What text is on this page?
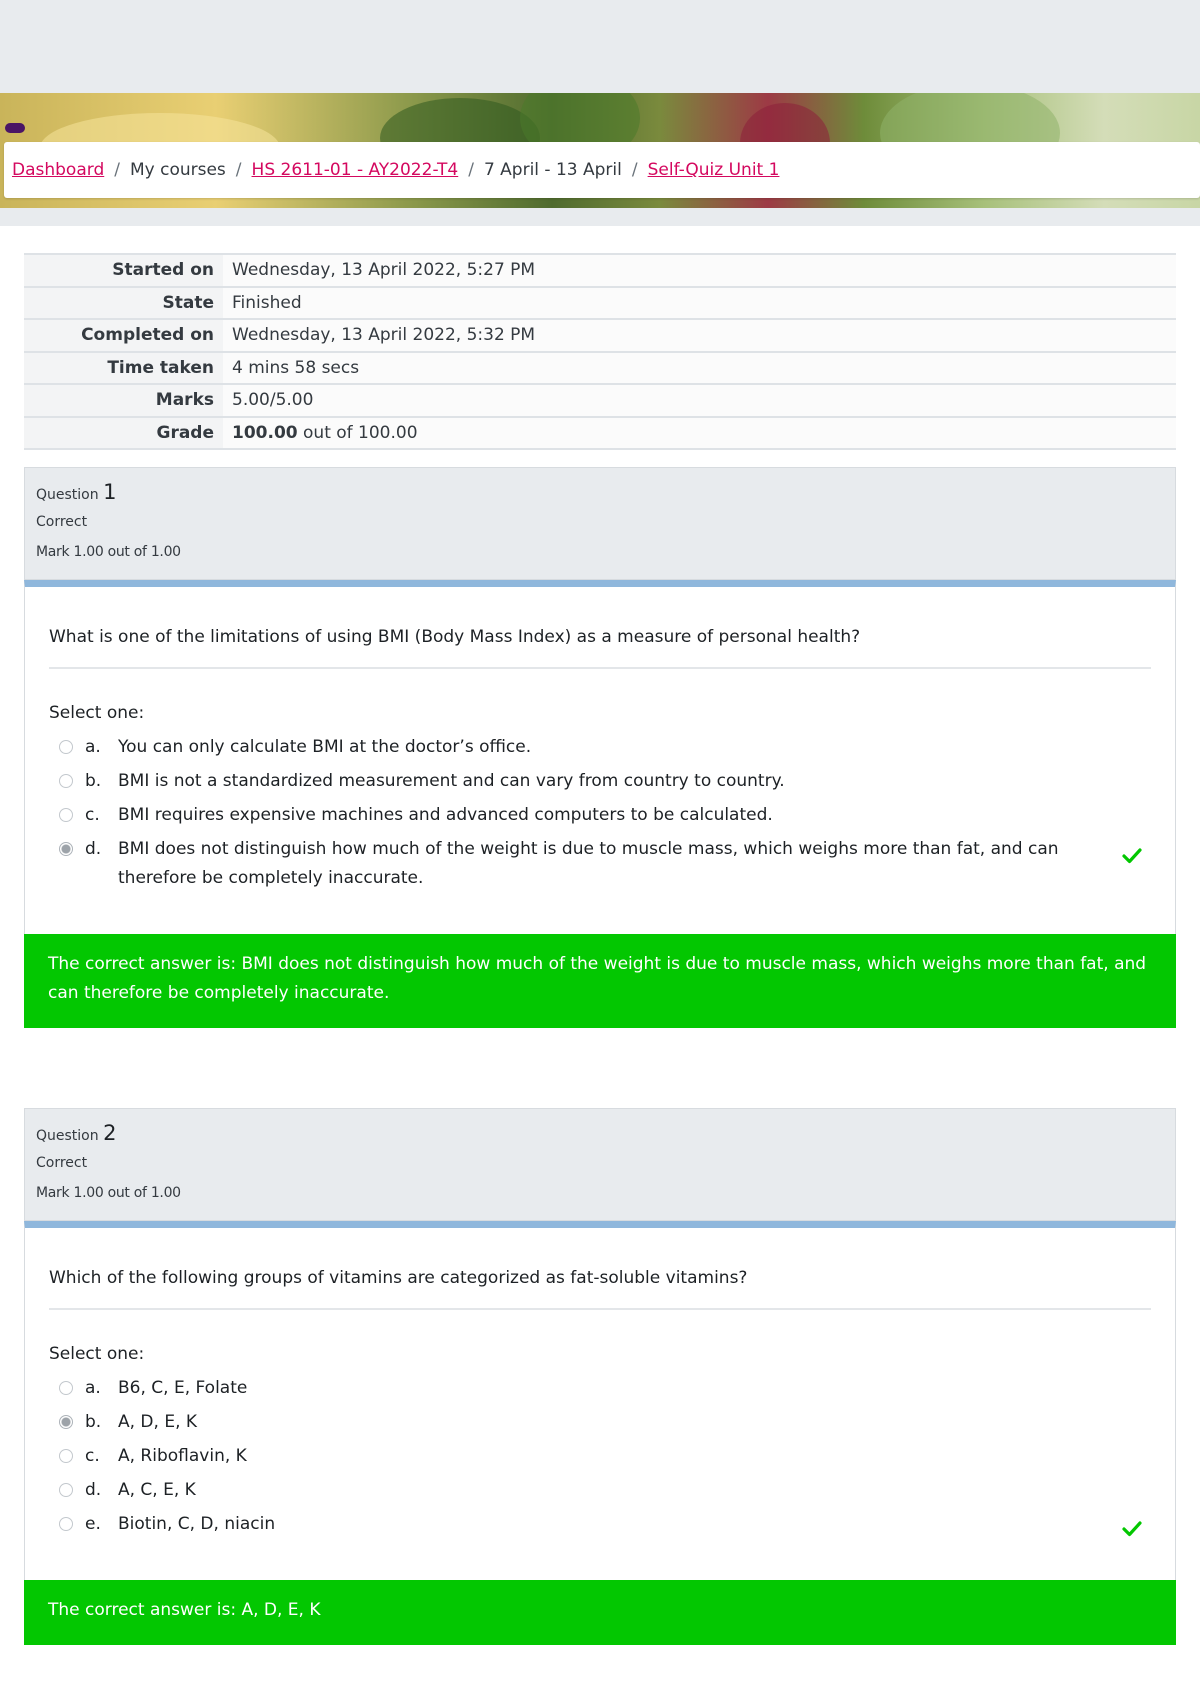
Dashboard / My courses / HS 2611-01 - AY2022-T4 / 7 April - 13 April / Self-Quiz Unit 1
Started on	Wednesday, 13 April 2022, 5:27 PM
State	Finished
Completed on	Wednesday, 13 April 2022, 5:32 PM
Time taken	4 mins 58 secs
Marks	5.00/5.00
Grade	100.00 out of 100.00
Question 1
Correct
Mark 1.00 out of 1.00
What is one of the limitations of using BMI (Body Mass Index) as a measure of personal health?
Select one:
a.	You can only calculate BMI at the doctor’s office.
b. BMI is not a standardized measurement and can vary from country to country.
c.	BMI requires expensive machines and advanced computers to be calculated.
d. BMI does not distinguish how much of the weight is due to muscle mass, which weighs more than fat, and can therefore be completely inaccurate.
The correct answer is: BMI does not distinguish how much of the weight is due to muscle mass, which weighs more than fat, and can therefore be completely inaccurate.
Question 2
Correct
Mark 1.00 out of 1.00
Which of the following groups of vitamins are categorized as fat-soluble vitamins?
Select one:
a.	B6, C, E, Folate
b. A, D, E, K
c.	A, Riboflavin, K
d. A, C, E, K
e.	Biotin, C, D, niacin
The correct answer is: A, D, E, K
